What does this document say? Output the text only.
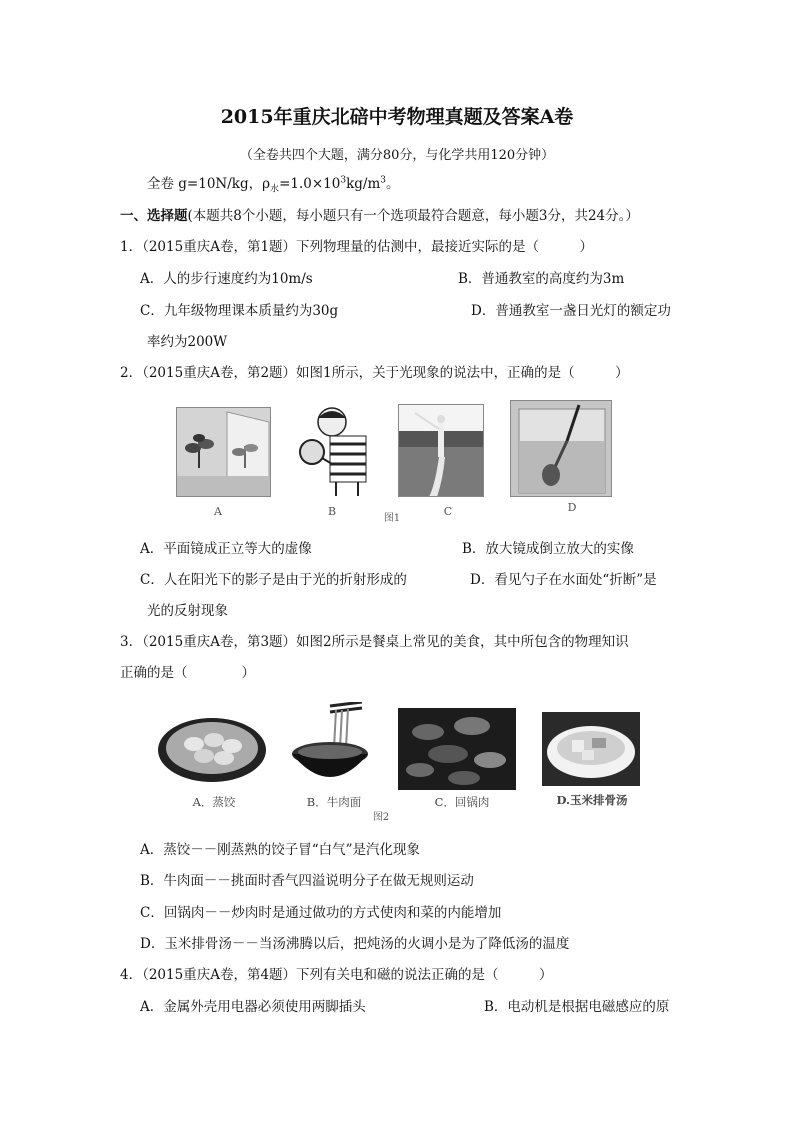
2015年重庆北碚中考物理真题及答案A卷
（全卷共四个大题，满分80分，与化学共用120分钟）
全卷 g=10N/kg，$\rho_水=1.0\times 10^3kg/m^3$。
一、选择题(本题共8个小题，每小题只有一个选项最符合题意，每小题3分，共24分。）
1．（2015重庆A卷，第1题）下列物理量的估测中，最接近实际的是（　　　）
A．人的步行速度约为10m/s	B．普通教室的高度约为3m
C．九年级物理课本质量约为30g	D．普通教室一盏日光灯的额定功
率约为200W
2．（2015重庆A卷，第2题）如图1所示，关于光现象的说法中，正确的是（　　　）
A	B	C	D
图1
A．平面镜成正立等大的虚像	B．放大镜成倒立放大的实像
C．人在阳光下的影子是由于光的折射形成的	D．看见勺子在水面处“折断”是
光的反射现象
3．（2015重庆A卷，第3题）如图2所示是餐桌上常见的美食，其中所包含的物理知识
正确的是（　　　　）
A．蒸饺	B．牛肉面	C．回锅肉	D.玉米排骨汤
图2
A．蒸饺－－刚蒸熟的饺子冒“白气”是汽化现象
B．牛肉面－－挑面时香气四溢说明分子在做无规则运动
C．回锅肉－－炒肉时是通过做功的方式使肉和菜的内能增加
D．玉米排骨汤－－当汤沸腾以后，把炖汤的火调小是为了降低汤的温度
4．（2015重庆A卷，第4题）下列有关电和磁的说法正确的是（　　　）
A．金属外壳用电器必须使用两脚插头	B．电动机是根据电磁感应的原
